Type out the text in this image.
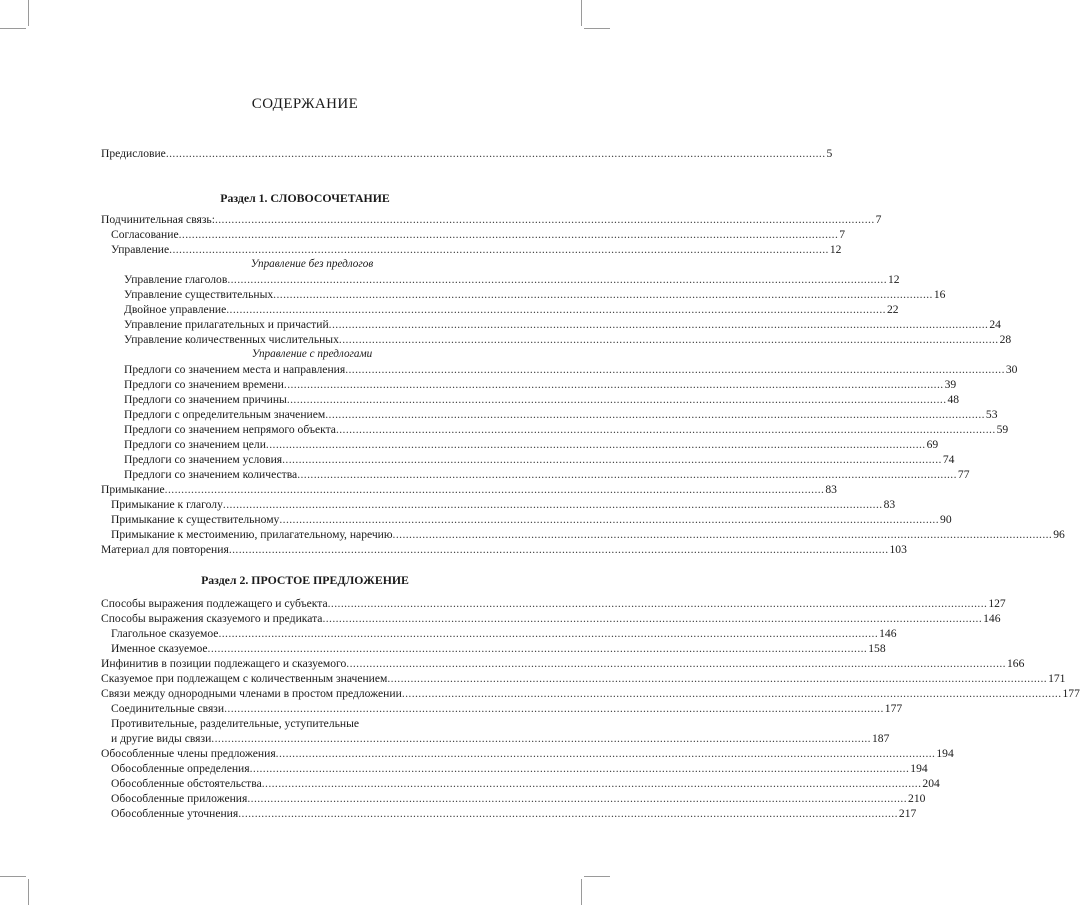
СОДЕРЖАНИЕ
Предисловие ........................................................................................................................................................................................................ 5
Раздел 1. СЛОВОСОЧЕТАНИЕ
Подчинительная связь: ........................................................................................................................................................................................................ 7
Согласование ........................................................................................................................................................................................................ 7
Управление ........................................................................................................................................................................................................ 12
Управление без предлогов
Управление глаголов ........................................................................................................................................................................................................ 12
Управление существительных ........................................................................................................................................................................................................ 16
Двойное управление ........................................................................................................................................................................................................ 22
Управление прилагательных и причастий ........................................................................................................................................................................................................ 24
Управление количественных числительных ........................................................................................................................................................................................................ 28
Управление с предлогами
Предлоги со значением места и направления ........................................................................................................................................................................................................ 30
Предлоги со значением времени ........................................................................................................................................................................................................ 39
Предлоги со значением причины ........................................................................................................................................................................................................ 48
Предлоги с определительным значением ........................................................................................................................................................................................................ 53
Предлоги со значением непрямого объекта ........................................................................................................................................................................................................ 59
Предлоги со значением цели ........................................................................................................................................................................................................ 69
Предлоги со значением условия ........................................................................................................................................................................................................ 74
Предлоги со значением количества ........................................................................................................................................................................................................ 77
Примыкание ........................................................................................................................................................................................................ 83
Примыкание к глаголу ........................................................................................................................................................................................................ 83
Примыкание к существительному ........................................................................................................................................................................................................ 90
Примыкание к местоимению, прилагательному, наречию ........................................................................................................................................................................................................ 96
Материал для повторения ........................................................................................................................................................................................................ 103
Раздел 2. ПРОСТОЕ ПРЕДЛОЖЕНИЕ
Способы выражения подлежащего и субъекта ........................................................................................................................................................................................................ 127
Способы выражения сказуемого и предиката ........................................................................................................................................................................................................ 146
Глагольное сказуемое ........................................................................................................................................................................................................ 146
Именное сказуемое ........................................................................................................................................................................................................ 158
Инфинитив в позиции подлежащего и сказуемого ........................................................................................................................................................................................................ 166
Сказуемое при подлежащем с количественным значением ........................................................................................................................................................................................................ 171
Связи между однородными членами в простом предложении ........................................................................................................................................................................................................ 177
Соединительные связи ........................................................................................................................................................................................................ 177
Противительные, разделительные, уступительные
и другие виды связи ........................................................................................................................................................................................................ 187
Обособленные члены предложения ........................................................................................................................................................................................................ 194
Обособленные определения ........................................................................................................................................................................................................ 194
Обособленные обстоятельства ........................................................................................................................................................................................................ 204
Обособленные приложения ........................................................................................................................................................................................................ 210
Обособленные уточнения ........................................................................................................................................................................................................ 217
